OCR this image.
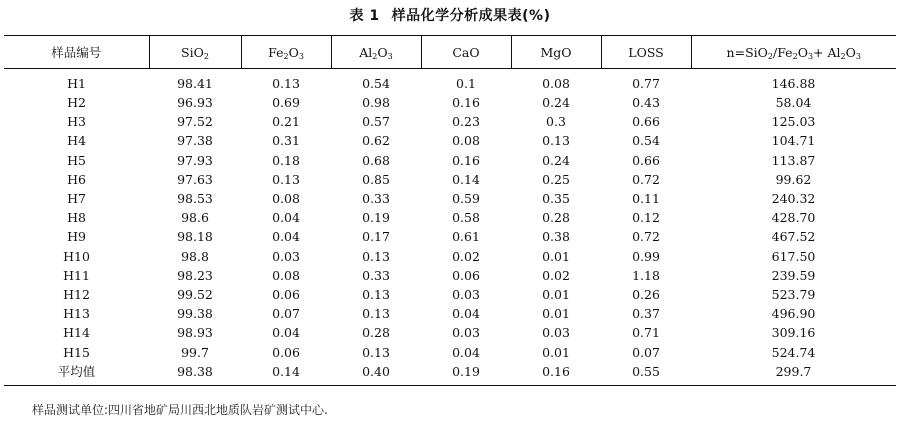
表 1 样品化学分析成果表(%)
样品编号	SiO$_2$	$Fe_2O_3$	$Al_2O_3$	CaO	MgO	LOSS	$n=SiO_2/Fe_2O_3+ Al_2O_3$
H1	98.41	0.13	0.54	0.1	0.08	0.77	146.88
H2	96.93	0.69	0.98	0.16	0.24	0.43	58.04
H3	97.52	0.21	0.57	0.23	0.3	0.66	125.03
H4	97.38	0.31	0.62	0.08	0.13	0.54	104.71
H5	97.93	0.18	0.68	0.16	0.24	0.66	113.87
H6	97.63	0.13	0.85	0.14	0.25	0.72	99.62
H7	98.53	0.08	0.33	0.59	0.35	0.11	240.32
H8	98.6	0.04	0.19	0.58	0.28	0.12	428.70
H9	98.18	0.04	0.17	0.61	0.38	0.72	467.52
H10	98.8	0.03	0.13	0.02	0.01	0.99	617.50
H11	98.23	0.08	0.33	0.06	0.02	1.18	239.59
H12	99.52	0.06	0.13	0.03	0.01	0.26	523.79
H13	99.38	0.07	0.13	0.04	0.01	0.37	496.90
H14	98.93	0.04	0.28	0.03	0.03	0.71	309.16
H15	99.7	0.06	0.13	0.04	0.01	0.07	524.74
平均值	98.38	0.14	0.40	0.19	0.16	0.55	299.7
样品测试单位:四川省地矿局川西北地质队岩矿测试中心.
